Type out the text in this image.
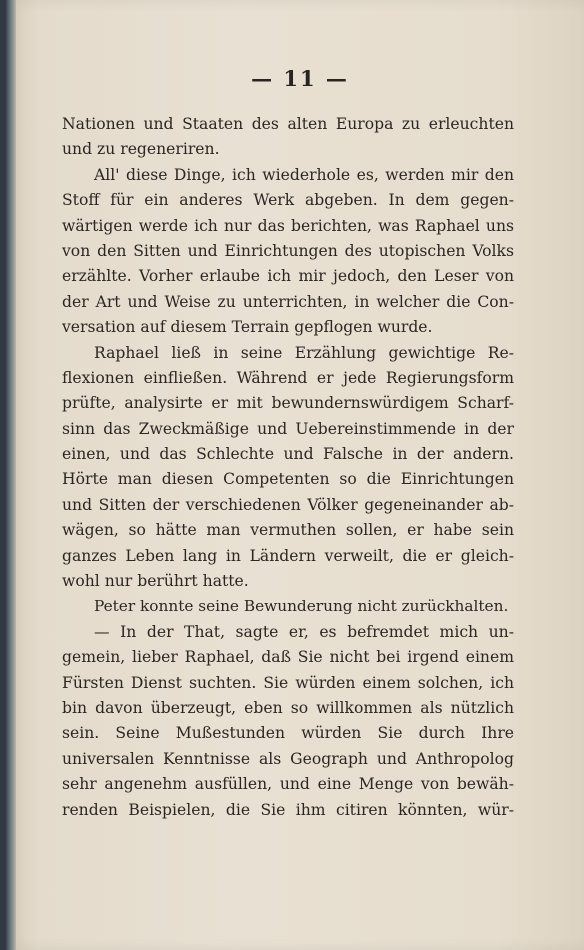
— 11 —
Nationen und Staaten des alten Europa zu erleuchten
und zu regeneriren.
All' diese Dinge, ich wiederhole es, werden mir den
Stoff für ein anderes Werk abgeben. In dem gegen-
wärtigen werde ich nur das berichten, was Raphael uns
von den Sitten und Einrichtungen des utopischen Volks
erzählte. Vorher erlaube ich mir jedoch, den Leser von
der Art und Weise zu unterrichten, in welcher die Con-
versation auf diesem Terrain gepflogen wurde.
Raphael ließ in seine Erzählung gewichtige Re-
flexionen einfließen. Während er jede Regierungsform
prüfte, analysirte er mit bewundernswürdigem Scharf-
sinn das Zweckmäßige und Uebereinstimmende in der
einen, und das Schlechte und Falsche in der andern.
Hörte man diesen Competenten so die Einrichtungen
und Sitten der verschiedenen Völker gegeneinander ab-
wägen, so hätte man vermuthen sollen, er habe sein
ganzes Leben lang in Ländern verweilt, die er gleich-
wohl nur berührt hatte.
Peter konnte seine Bewunderung nicht zurückhalten.
— In der That, sagte er, es befremdet mich un-
gemein, lieber Raphael, daß Sie nicht bei irgend einem
Fürsten Dienst suchten. Sie würden einem solchen, ich
bin davon überzeugt, eben so willkommen als nützlich
sein. Seine Mußestunden würden Sie durch Ihre
universalen Kenntnisse als Geograph und Anthropolog
sehr angenehm ausfüllen, und eine Menge von bewäh-
renden Beispielen, die Sie ihm citiren könnten, wür-
